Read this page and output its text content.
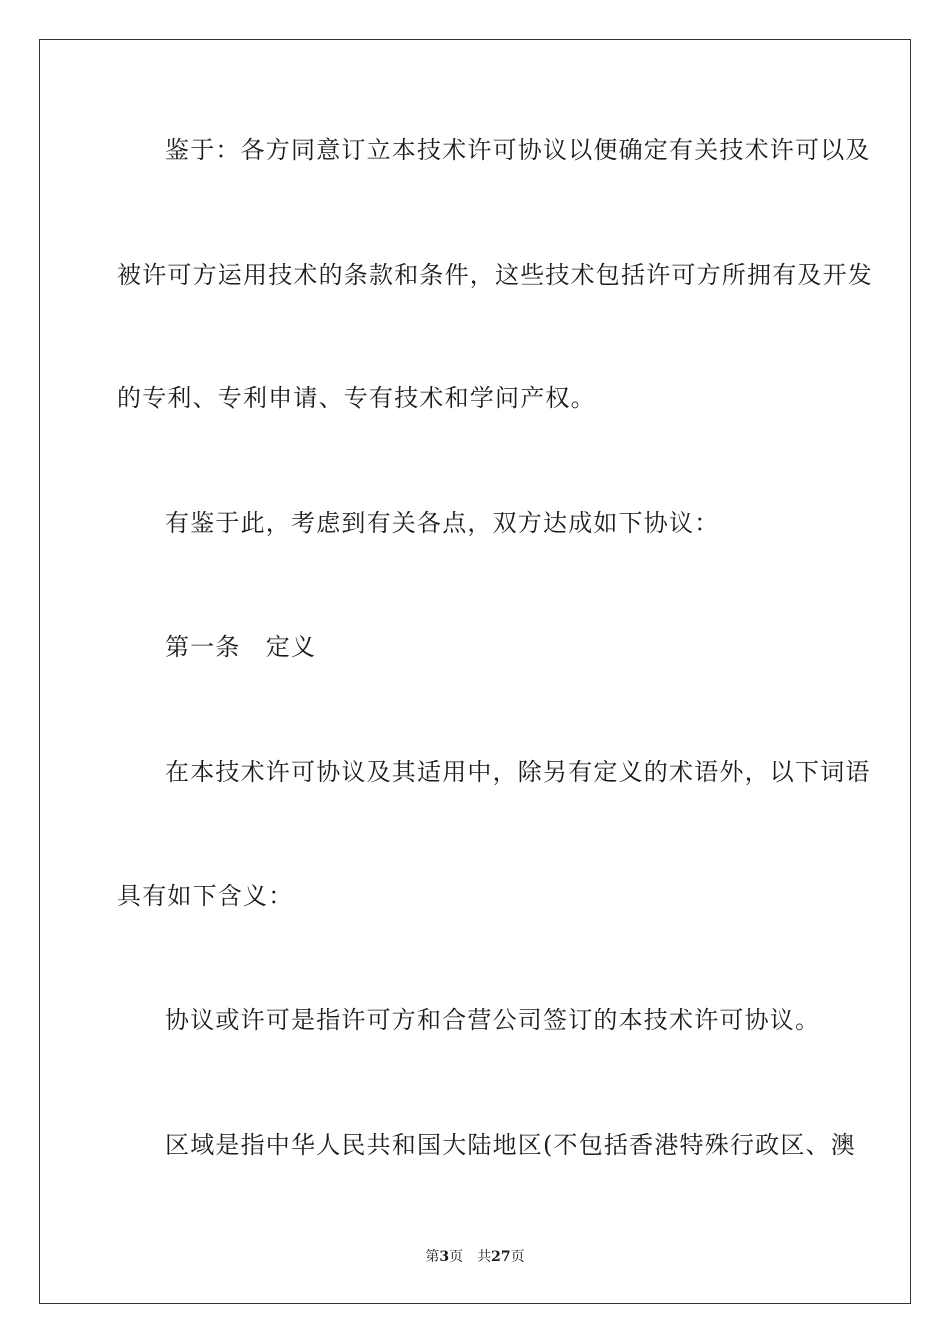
鉴于：各方同意订立本技术许可协议以便确定有关技术许可以及
被许可方运用技术的条款和条件，这些技术包括许可方所拥有及开发
的专利、专利申请、专有技术和学问产权。
有鉴于此，考虑到有关各点，双方达成如下协议：
第一条　定义
在本技术许可协议及其适用中，除另有定义的术语外，以下词语
具有如下含义：
协议或许可是指许可方和合营公司签订的本技术许可协议。
区域是指中华人民共和国大陆地区(不包括香港特殊行政区、澳
第3页 共27页
